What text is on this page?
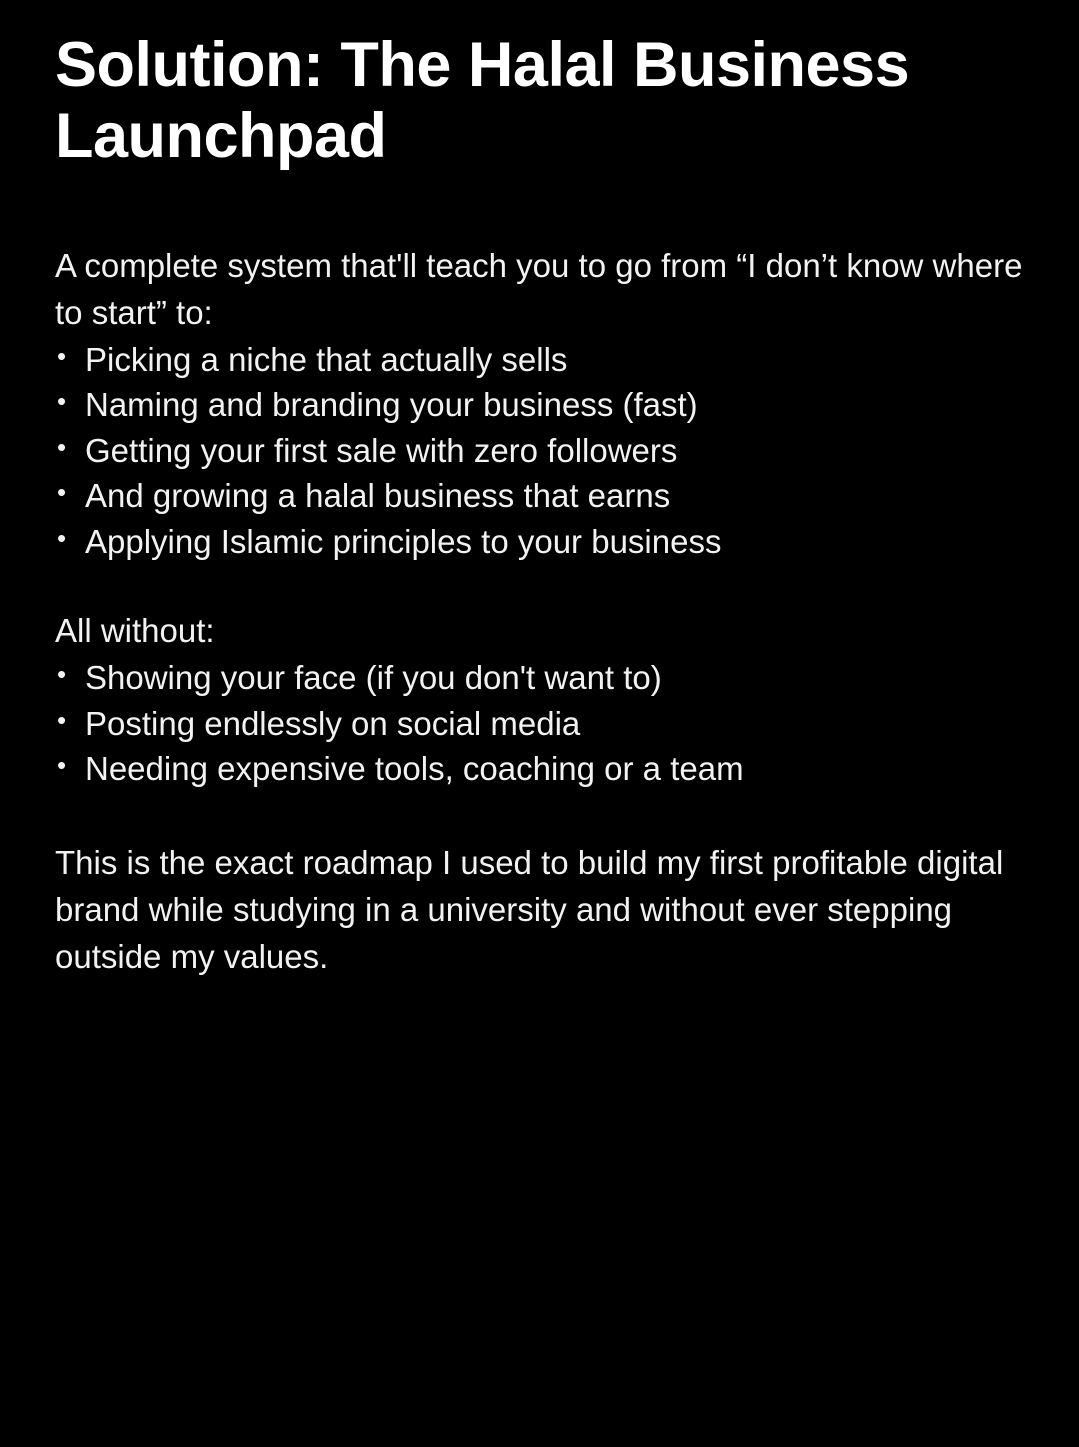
Solution: The Halal Business Launchpad

A complete system that'll teach you to go from “I don’t know where to start” to:

• Picking a niche that actually sells
• Naming and branding your business (fast)
• Getting your first sale with zero followers
• And growing a halal business that earns
• Applying Islamic principles to your business

All without:

• Showing your face (if you don't want to)
• Posting endlessly on social media
• Needing expensive tools, coaching or a team

This is the exact roadmap I used to build my first profitable digital brand while studying in a university and without ever stepping outside my values.
